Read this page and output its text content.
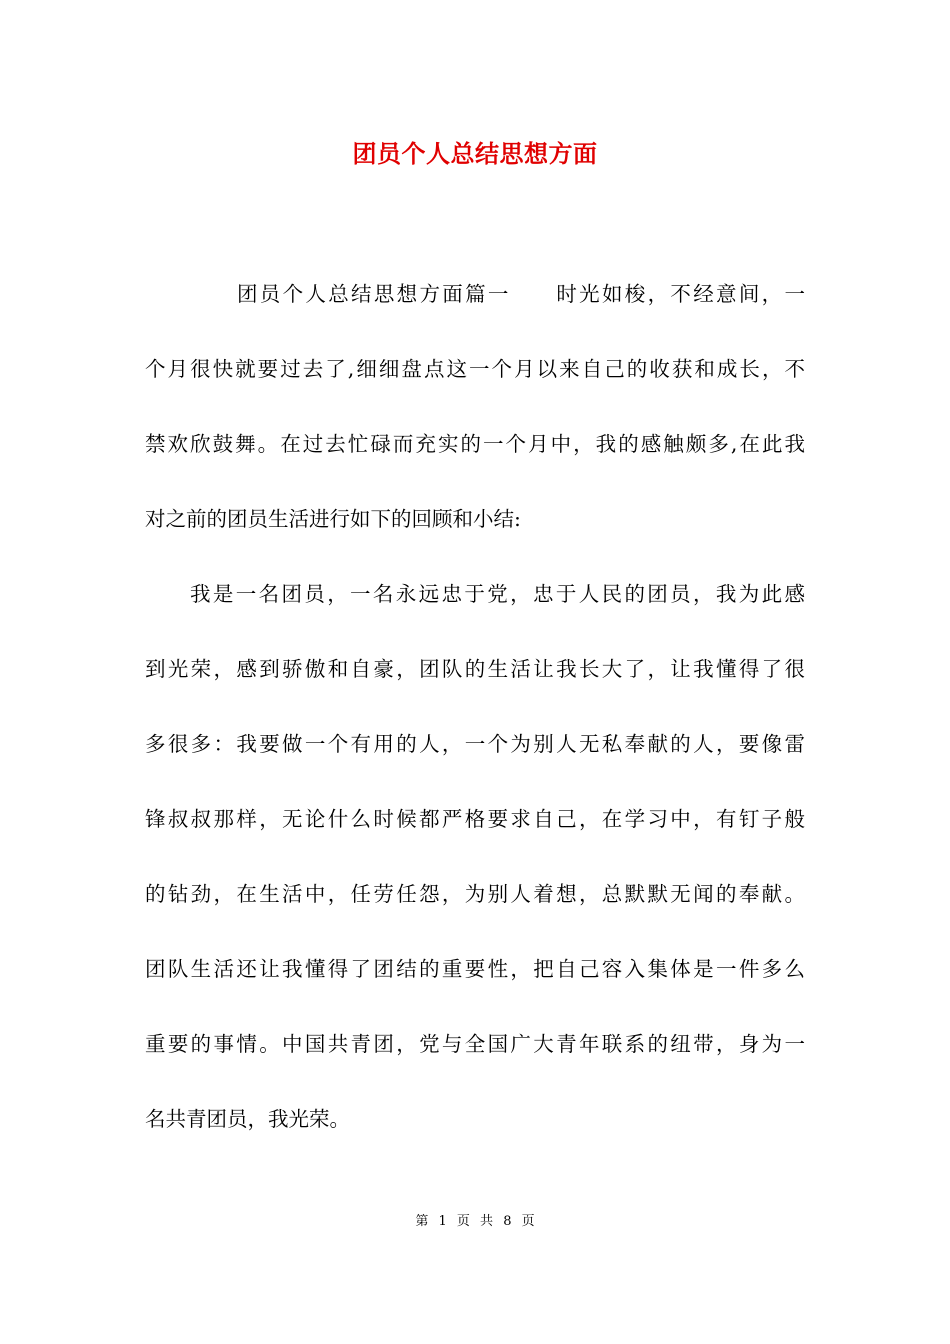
团员个人总结思想方面
团员个人总结思想方面篇一　　时光如梭，不经意间，一
个月很快就要过去了,细细盘点这一个月以来自己的收获和成长，不
禁欢欣鼓舞。在过去忙碌而充实的一个月中，我的感触颇多,在此我
对之前的团员生活进行如下的回顾和小结:
我是一名团员，一名永远忠于党，忠于人民的团员，我为此感
到光荣，感到骄傲和自豪，团队的生活让我长大了，让我懂得了很
多很多：我要做一个有用的人，一个为别人无私奉献的人，要像雷
锋叔叔那样，无论什么时候都严格要求自己，在学习中，有钉子般
的钻劲，在生活中，任劳任怨，为别人着想，总默默无闻的奉献。
团队生活还让我懂得了团结的重要性，把自己容入集体是一件多么
重要的事情。中国共青团，党与全国广大青年联系的纽带，身为一
名共青团员，我光荣。
第 1 页 共 8 页
